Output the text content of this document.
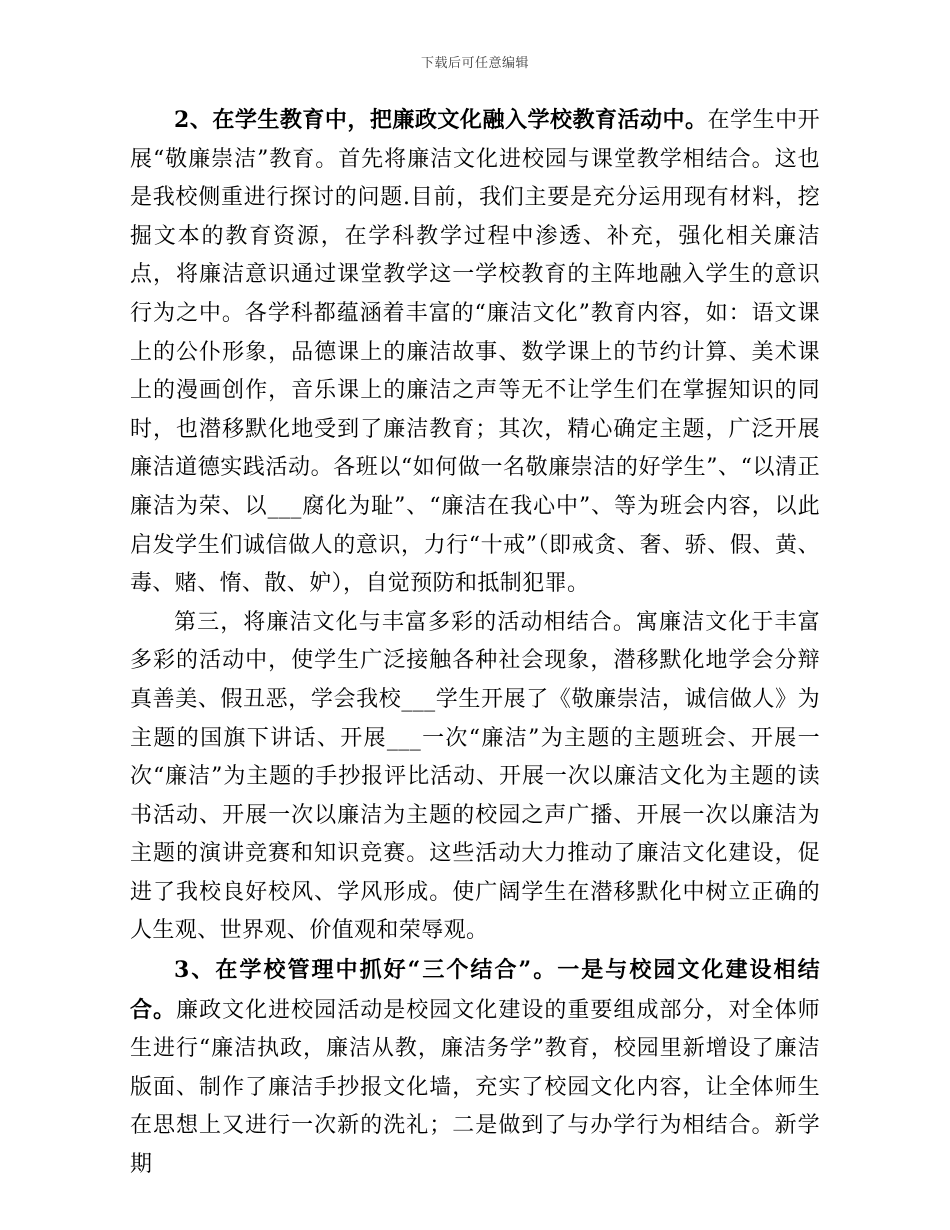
下载后可任意编辑

2、在学生教育中，把廉政文化融入学校教育活动中。在学生中开展“敬廉崇洁”教育。首先将廉洁文化进校园与课堂教学相结合。这也是我校侧重进行探讨的问题.目前，我们主要是充分运用现有材料，挖掘文本的教育资源，在学科教学过程中渗透、补充，强化相关廉洁点，将廉洁意识通过课堂教学这一学校教育的主阵地融入学生的意识行为之中。各学科都蕴涵着丰富的“廉洁文化”教育内容，如：语文课上的公仆形象，品德课上的廉洁故事、数学课上的节约计算、美术课上的漫画创作，音乐课上的廉洁之声等无不让学生们在掌握知识的同时，也潜移默化地受到了廉洁教育；其次，精心确定主题，广泛开展廉洁道德实践活动。各班以“如何做一名敬廉崇洁的好学生”、“以清正廉洁为荣、以___腐化为耻”、“廉洁在我心中”、等为班会内容，以此启发学生们诚信做人的意识，力行“十戒”（即戒贪、奢、骄、假、黄、毒、赌、惰、散、妒），自觉预防和抵制犯罪。

第三，将廉洁文化与丰富多彩的活动相结合。寓廉洁文化于丰富多彩的活动中，使学生广泛接触各种社会现象，潜移默化地学会分辩真善美、假丑恶，学会我校___学生开展了《敬廉崇洁，诚信做人》为主题的国旗下讲话、开展___一次“廉洁”为主题的主题班会、开展一次“廉洁”为主题的手抄报评比活动、开展一次以廉洁文化为主题的读书活动、开展一次以廉洁为主题的校园之声广播、开展一次以廉洁为主题的演讲竞赛和知识竞赛。这些活动大力推动了廉洁文化建设，促进了我校良好校风、学风形成。使广阔学生在潜移默化中树立正确的人生观、世界观、价值观和荣辱观。

3、在学校管理中抓好“三个结合”。一是与校园文化建设相结合。廉政文化进校园活动是校园文化建设的重要组成部分，对全体师生进行“廉洁执政，廉洁从教，廉洁务学”教育，校园里新增设了廉洁版面、制作了廉洁手抄报文化墙，充实了校园文化内容，让全体师生在思想上又进行一次新的洗礼；二是做到了与办学行为相结合。新学期
